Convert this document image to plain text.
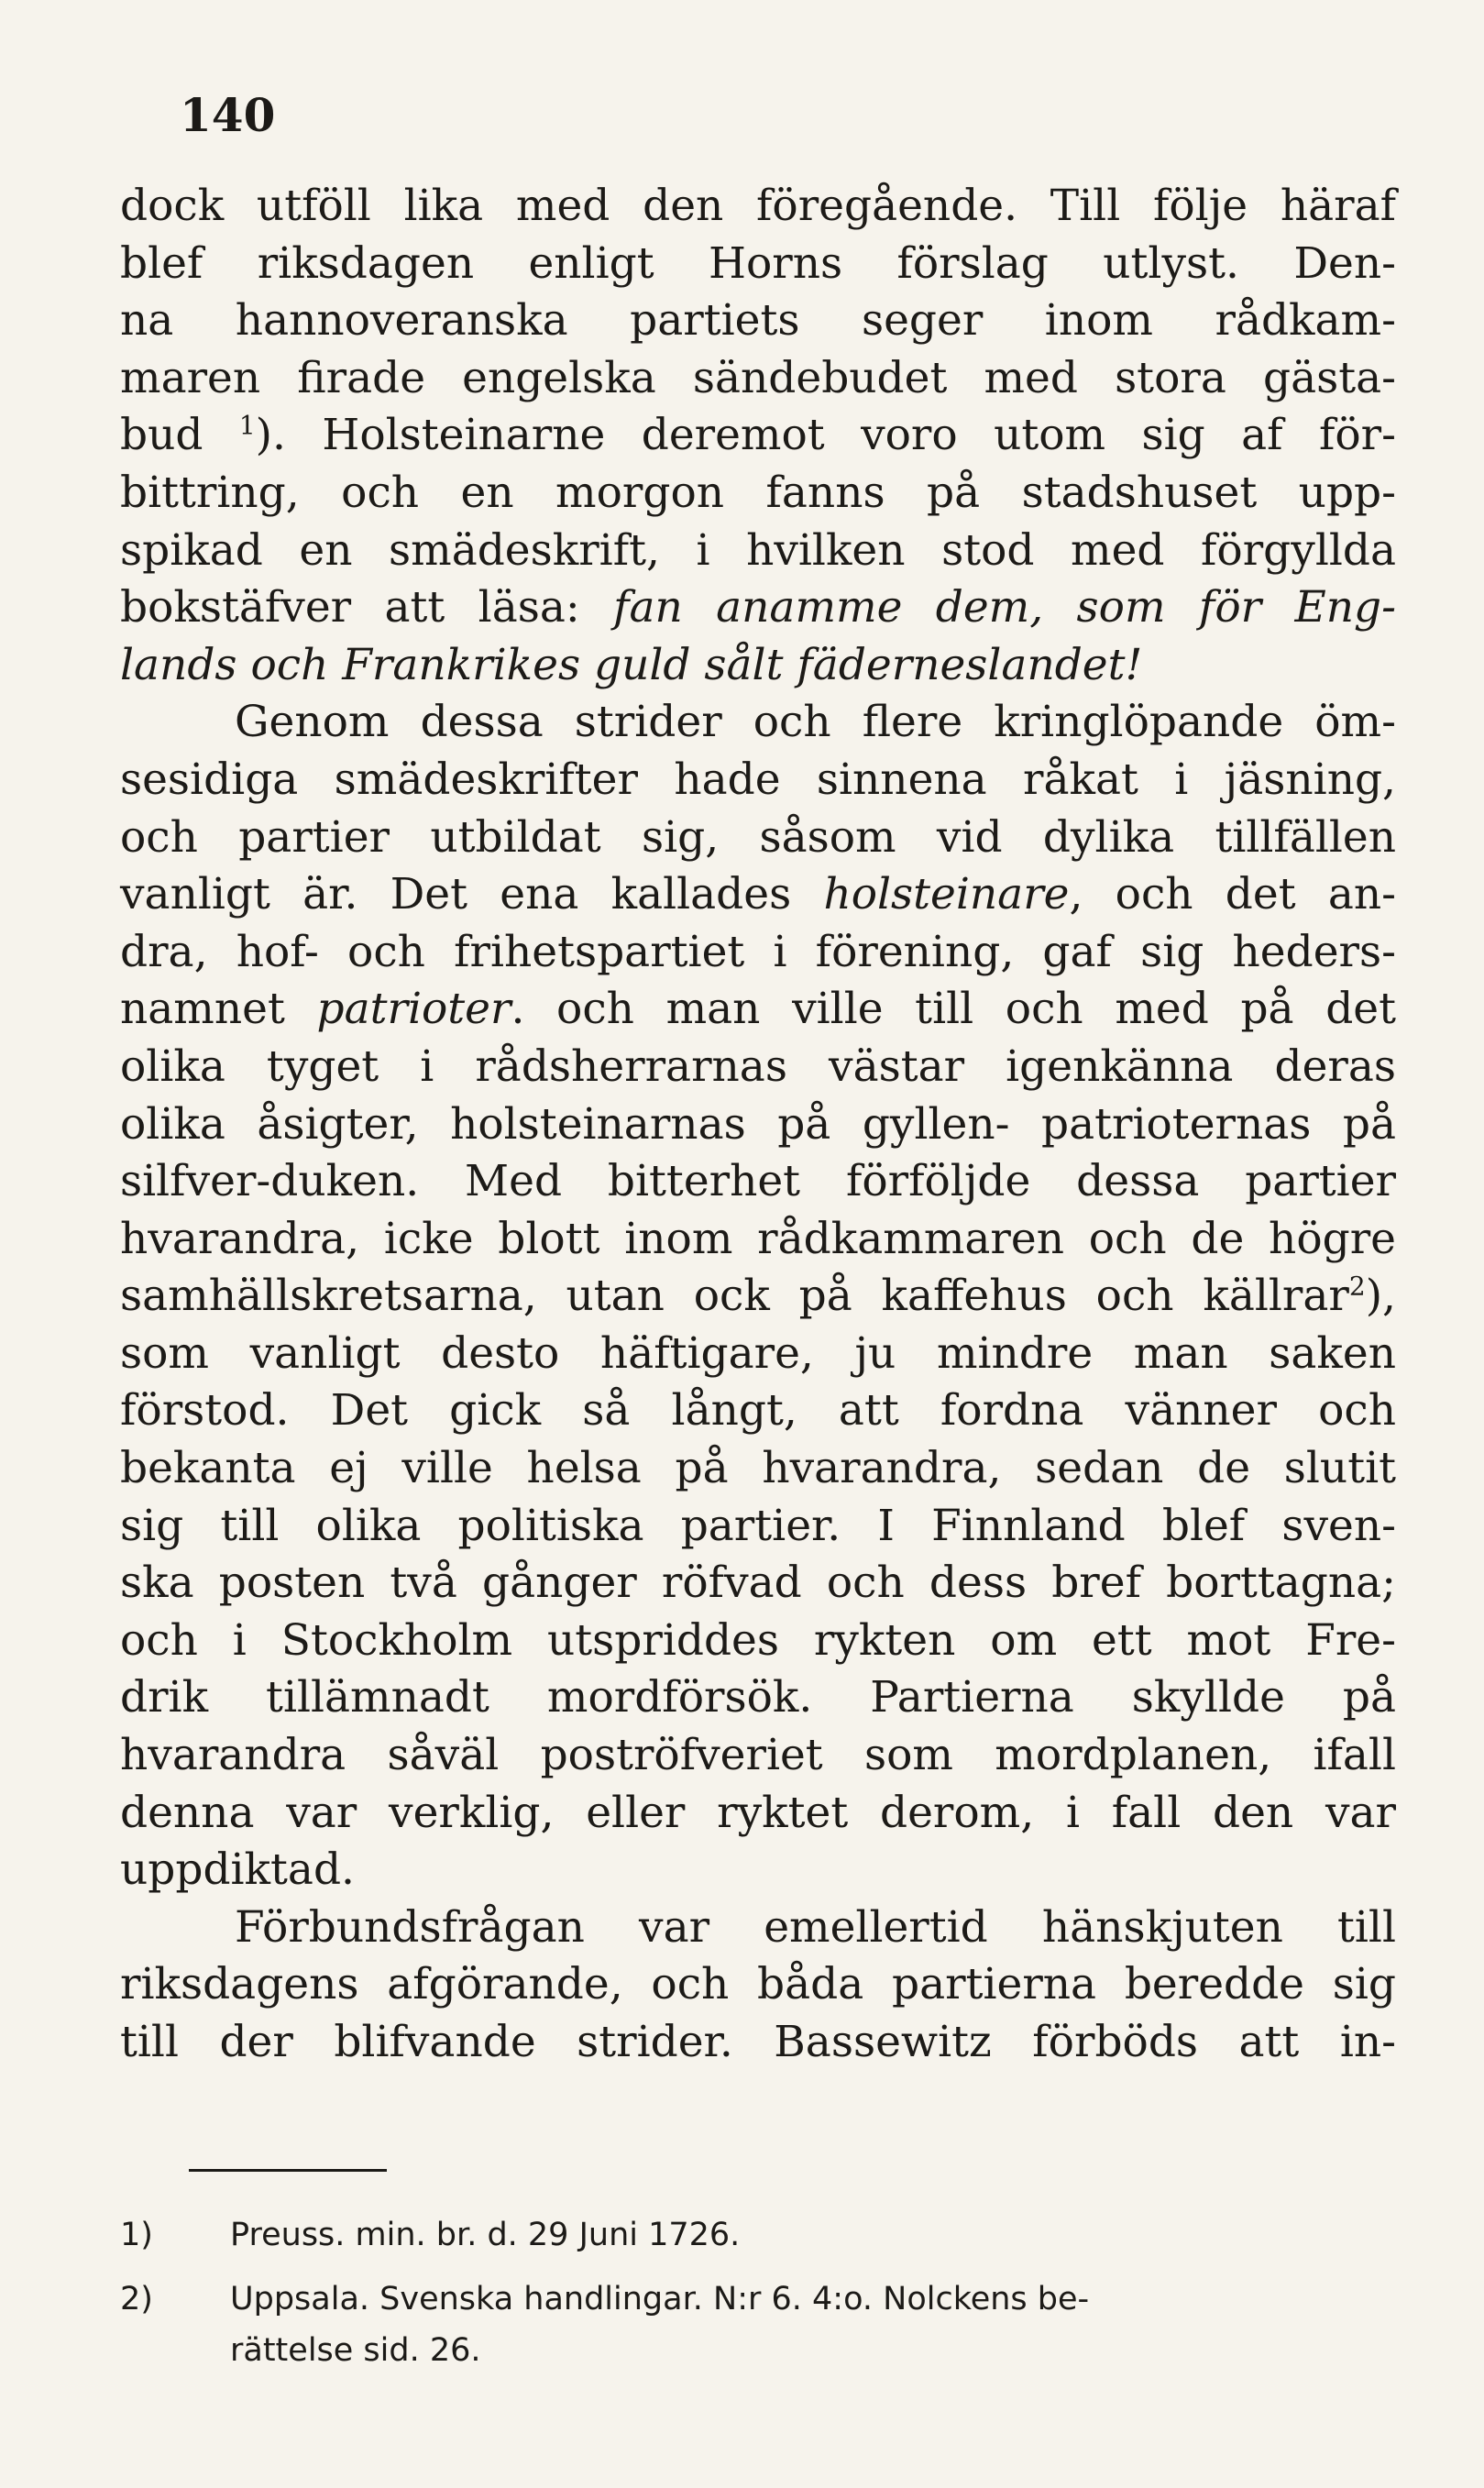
140
dock utföll lika med den föregående. Till följe häraf
blef riksdagen enligt Horns förslag utlyst. Den-
na hannoveranska partiets seger inom rådkam-
maren firade engelska sändebudet med stora gästa-
bud $^1$). Holsteinarne deremot voro utom sig af för-
bittring, och en morgon fanns på stadshuset upp-
spikad en smädeskrift, i hvilken stod med förgyllda
bokstäfver att läsa: fan anamme dem, som för Eng-
lands och Frankrikes guld sålt fäderneslandet!
Genom dessa strider och flere kringlöpande öm-
sesidiga smädeskrifter hade sinnena råkat i jäsning,
och partier utbildat sig, såsom vid dylika tillfällen
vanligt är. Det ena kallades holsteinare, och det an-
dra, hof- och frihetspartiet i förening, gaf sig heders-
namnet patrioter. och man ville till och med på det
olika tyget i rådsherrarnas västar igenkänna deras
olika åsigter, holsteinarnas på gyllen- patrioternas på
silfver-duken. Med bitterhet förföljde dessa partier
hvarandra, icke blott inom rådkammaren och de högre
samhällskretsarna, utan ock på kaffehus och källrar$^2$),
som vanligt desto häftigare, ju mindre man saken
förstod. Det gick så långt, att fordna vänner och
bekanta ej ville helsa på hvarandra, sedan de slutit
sig till olika politiska partier. I Finnland blef sven-
ska posten två gånger röfvad och dess bref borttagna;
och i Stockholm utspriddes rykten om ett mot Fre-
drik tillämnadt mordförsök. Partierna skyllde på
hvarandra såväl poströfveriet som mordplanen, ifall
denna var verklig, eller ryktet derom, i fall den var
uppdiktad.
Förbundsfrågan var emellertid hänskjuten till
riksdagens afgörande, och båda partierna beredde sig
till der blifvande strider. Bassewitz förböds att in-
1) Preuss. min. br. d. 29 Juni 1726.
2) Uppsala. Svenska handlingar. N:r 6. 4:o. Nolckens be-
rättelse sid. 26.
